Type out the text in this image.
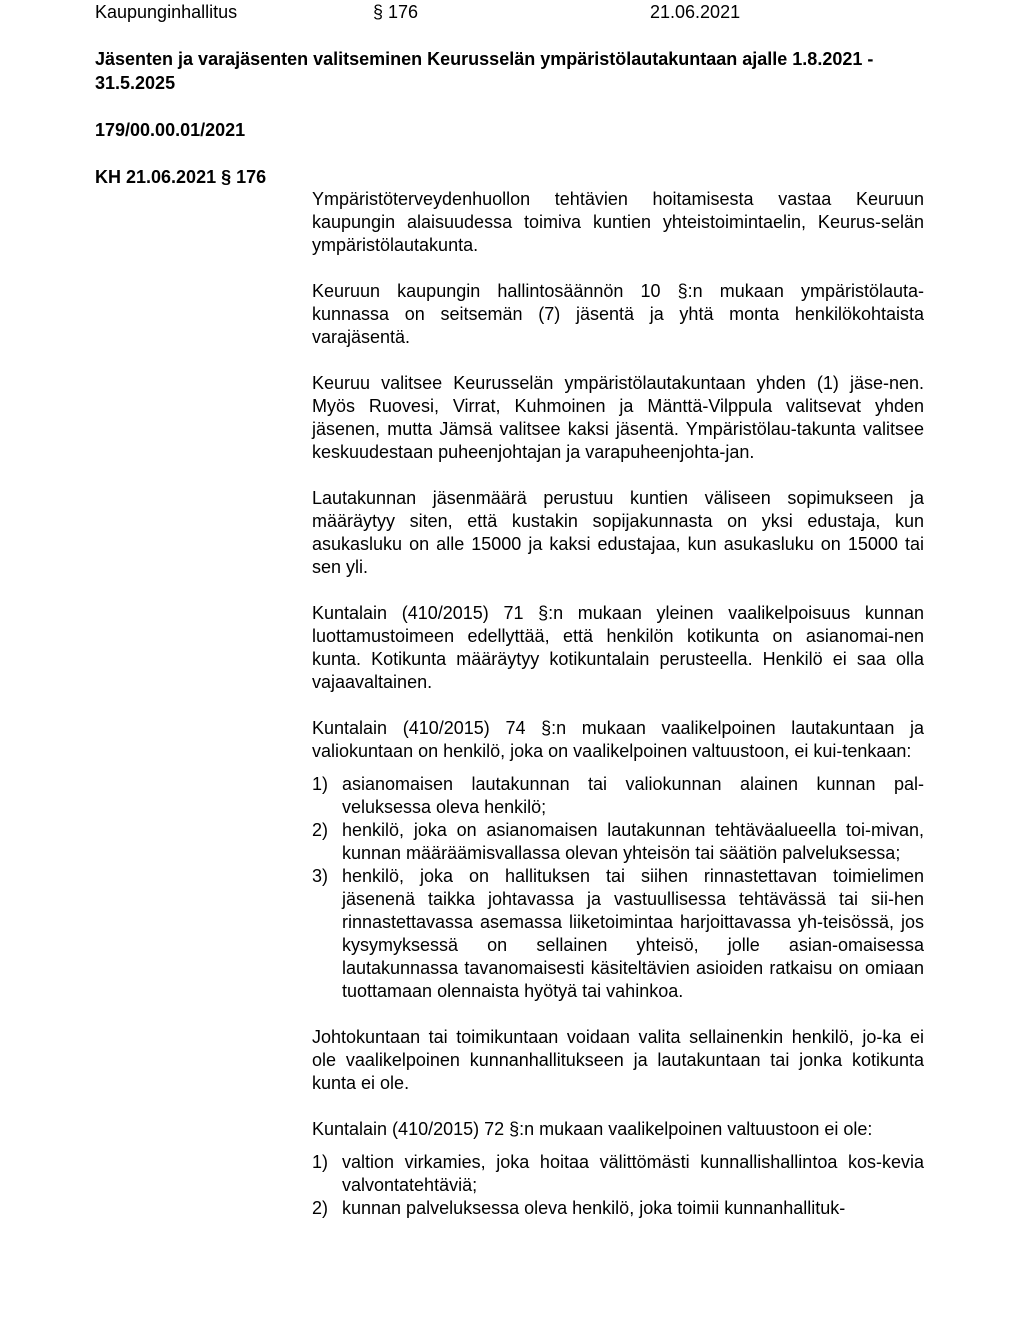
Kaupunginhallitus	§ 176	21.06.2021
Jäsenten ja varajäsenten valitseminen Keurusselän ympäristölautakuntaan ajalle 1.8.2021 - 31.5.2025
179/00.00.01/2021
KH 21.06.2021 § 176

Ympäristöterveydenhuollon tehtävien hoitamisesta vastaa Keuruun kaupungin alaisuudessa toimiva kuntien yhteistoimintaelin, Keurus-selän ympäristölautakunta.

Keuruun kaupungin hallintosäännön 10 §:n mukaan ympäristölauta-kunnassa on seitsemän (7) jäsentä ja yhtä monta henkilökohtaista varajäsentä.

Keuruu valitsee Keurusselän ympäristölautakuntaan yhden (1) jäse-nen. Myös Ruovesi, Virrat, Kuhmoinen ja Mänttä-Vilppula valitsevat yhden jäsenen, mutta Jämsä valitsee kaksi jäsentä. Ympäristölau-takunta valitsee keskuudestaan puheenjohtajan ja varapuheenjohta-jan.

Lautakunnan jäsenmäärä perustuu kuntien väliseen sopimukseen ja määräytyy siten, että kustakin sopijakunnasta on yksi edustaja, kun asukasluku on alle 15000 ja kaksi edustajaa, kun asukasluku on 15000 tai sen yli.

Kuntalain (410/2015) 71 §:n mukaan yleinen vaalikelpoisuus kunnan luottamustoimeen edellyttää, että henkilön kotikunta on asianomai-nen kunta. Kotikunta määräytyy kotikuntalain perusteella. Henkilö ei saa olla vajaavaltainen.

Kuntalain (410/2015) 74 §:n mukaan vaalikelpoinen lautakuntaan ja valiokuntaan on henkilö, joka on vaalikelpoinen valtuustoon, ei kui-tenkaan:

1) asianomaisen lautakunnan tai valiokunnan alainen kunnan pal-veluksessa oleva henkilö;
2) henkilö, joka on asianomaisen lautakunnan tehtäväalueella toi-mivan, kunnan määräämisvallassa olevan yhteisön tai säätiön palveluksessa;
3) henkilö, joka on hallituksen tai siihen rinnastettavan toimielimen jäsenenä taikka johtavassa ja vastuullisessa tehtävässä tai sii-hen rinnastettavassa asemassa liiketoimintaa harjoittavassa yh-teisössä, jos kysymyksessä on sellainen yhteisö, jolle asian-omaisessa lautakunnassa tavanomaisesti käsiteltävien asioiden ratkaisu on omiaan tuottamaan olennaista hyötyä tai vahinkoa.

Johtokuntaan tai toimikuntaan voidaan valita sellainenkin henkilö, jo-ka ei ole vaalikelpoinen kunnanhallitukseen ja lautakuntaan tai jonka kotikunta kunta ei ole.

Kuntalain (410/2015) 72 §:n mukaan vaalikelpoinen valtuustoon ei ole:

1) valtion virkamies, joka hoitaa välittömästi kunnallishallintoa kos-kevia valvontatehtäviä;
2) kunnan palveluksessa oleva henkilö, joka toimii kunnanhallituk-
